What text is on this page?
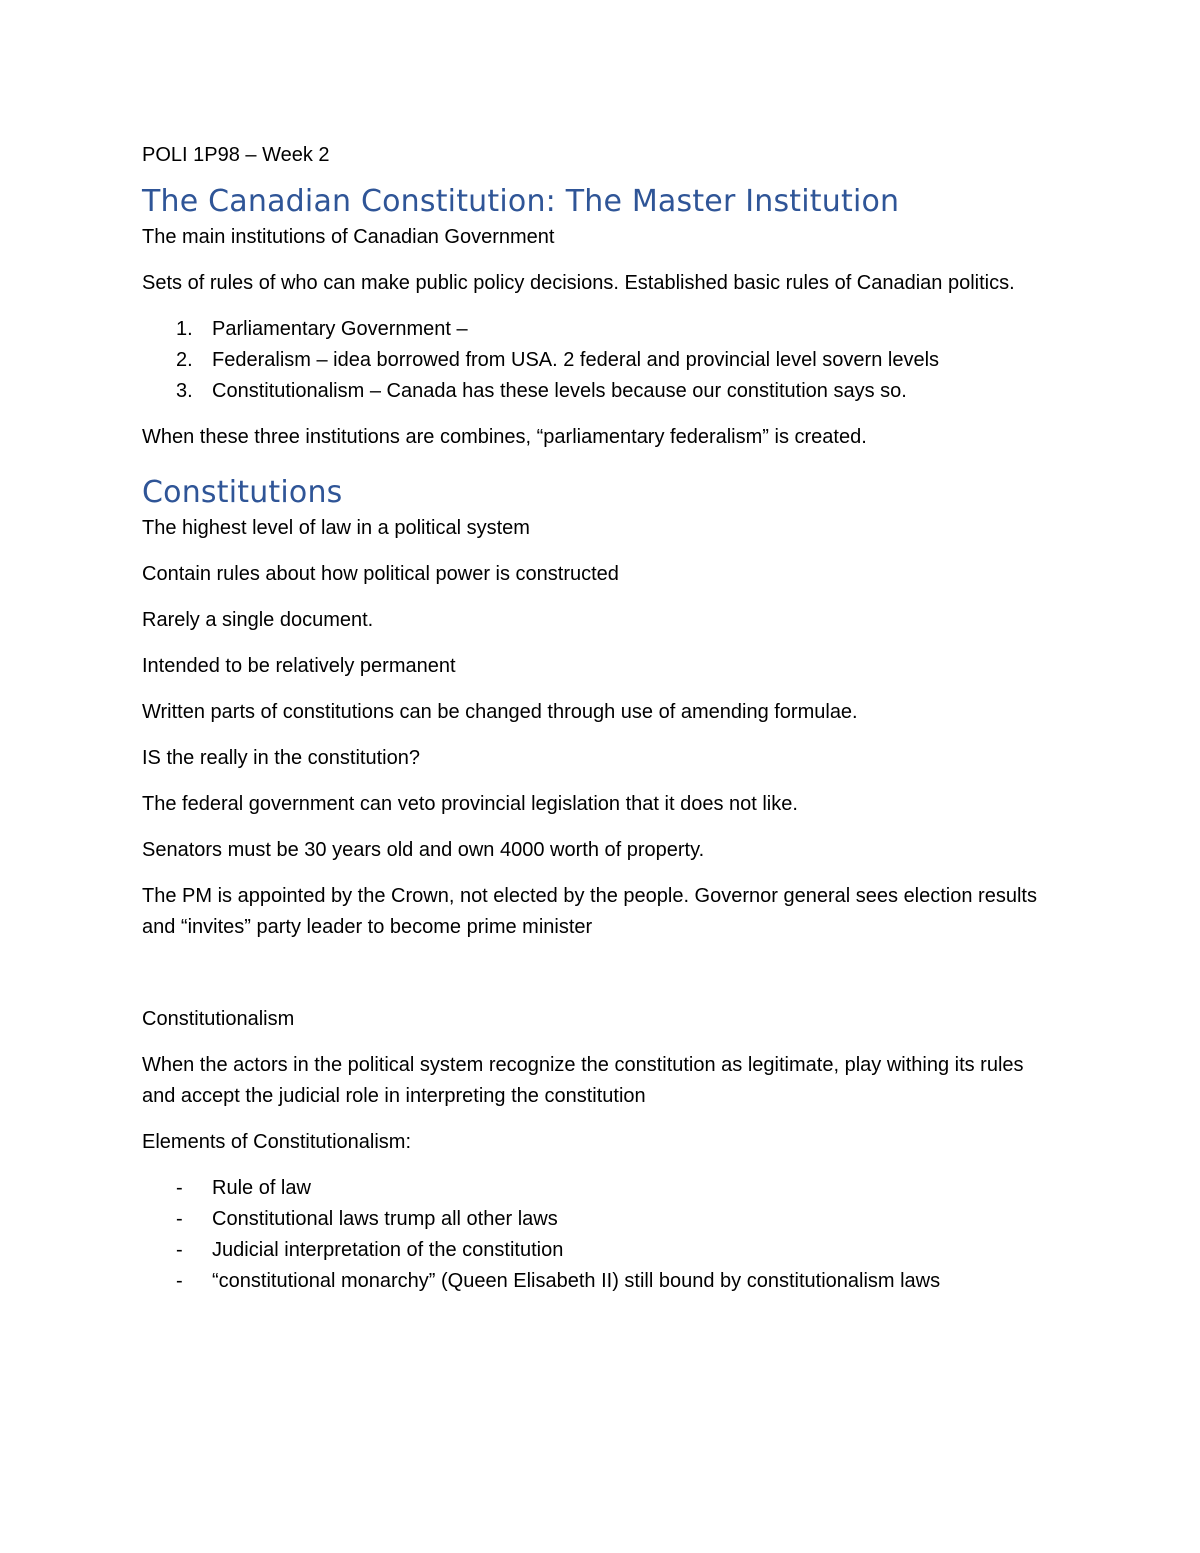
POLI 1P98 – Week 2
The Canadian Constitution: The Master Institution

The main institutions of Canadian Government

Sets of rules of who can make public policy decisions. Established basic rules of Canadian politics.

1. Parliamentary Government –
2. Federalism – idea borrowed from USA. 2 federal and provincial level sovern levels
3. Constitutionalism – Canada has these levels because our constitution says so.

When these three institutions are combines, “parliamentary federalism” is created.

Constitutions

The highest level of law in a political system

Contain rules about how political power is constructed

Rarely a single document.

Intended to be relatively permanent

Written parts of constitutions can be changed through use of amending formulae.

IS the really in the constitution?

The federal government can veto provincial legislation that it does not like.

Senators must be 30 years old and own 4000 worth of property.

The PM is appointed by the Crown, not elected by the people. Governor general sees election results and “invites” party leader to become prime minister

Constitutionalism

When the actors in the political system recognize the constitution as legitimate, play withing its rules and accept the judicial role in interpreting the constitution

Elements of Constitutionalism:

- Rule of law
- Constitutional laws trump all other laws
- Judicial interpretation of the constitution
- “constitutional monarchy” (Queen Elisabeth II) still bound by constitutionalism laws
